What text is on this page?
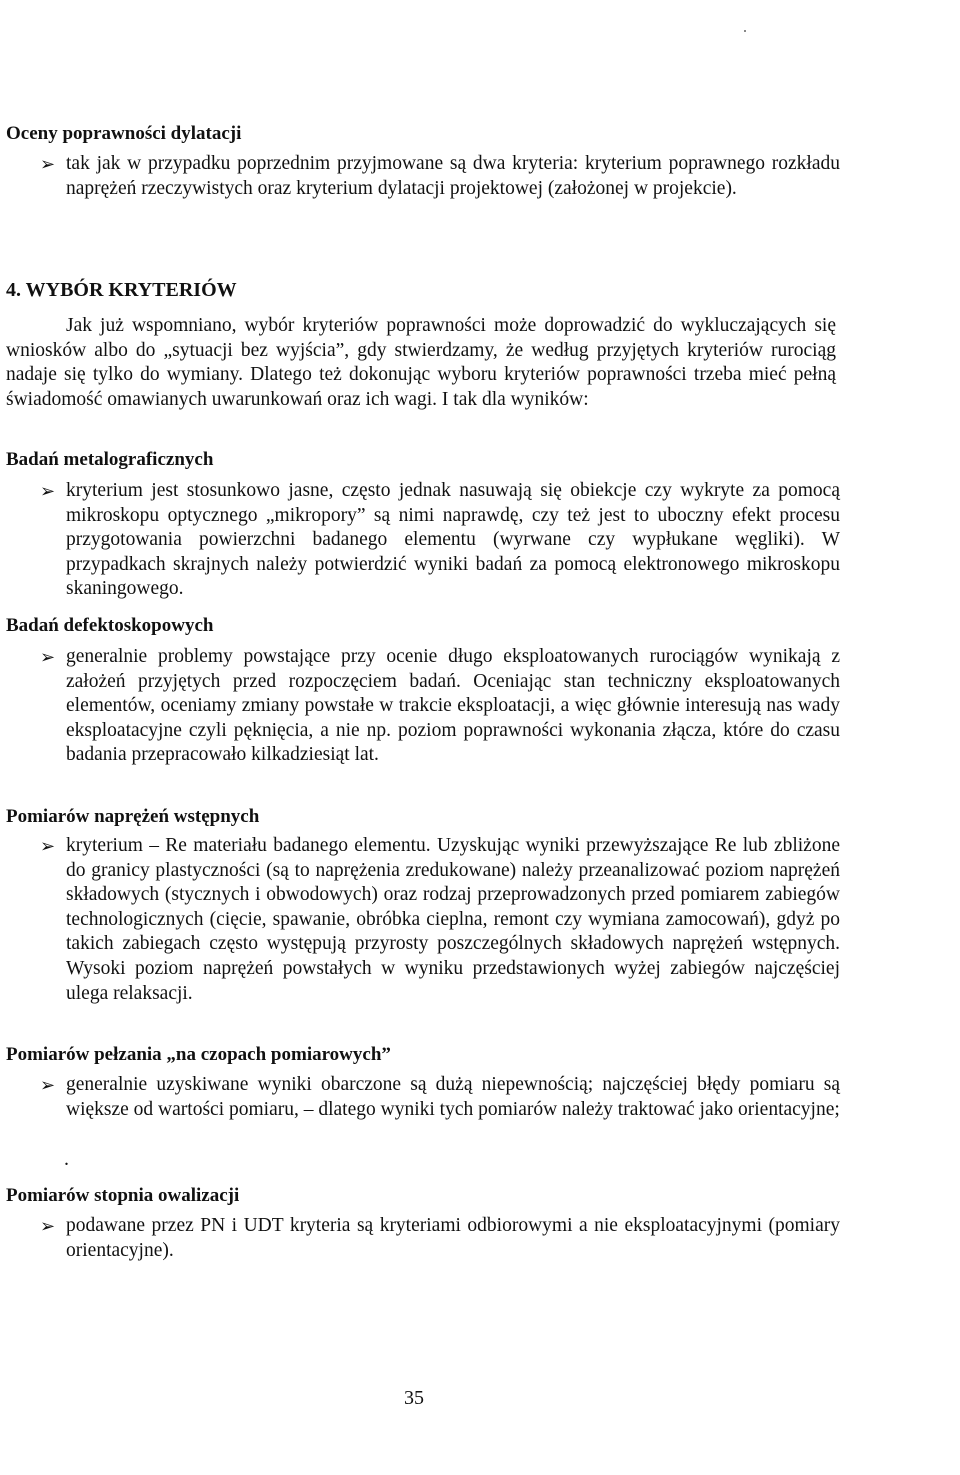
Oceny poprawności dylatacji
➢ tak jak w przypadku poprzednim przyjmowane są dwa kryteria: kryterium poprawnego rozkładu naprężeń rzeczywistych oraz kryterium dylatacji projektowej (założonej w projekcie).
4. WYBÓR KRYTERIÓW
Jak już wspomniano, wybór kryteriów poprawności może doprowadzić do wykluczających się wniosków albo do „sytuacji bez wyjścia”, gdy stwierdzamy, że według przyjętych kryteriów rurociąg nadaje się tylko do wymiany. Dlatego też dokonując wyboru kryteriów poprawności trzeba mieć pełną świadomość omawianych uwarunkowań oraz ich wagi. I tak dla wyników:
Badań metalograficznych
➢ kryterium jest stosunkowo jasne, często jednak nasuwają się obiekcje czy wykryte za pomocą mikroskopu optycznego „mikropory” są nimi naprawdę, czy też jest to uboczny efekt procesu przygotowania powierzchni badanego elementu (wyrwane czy wypłukane węgliki). W przypadkach skrajnych należy potwierdzić wyniki badań za pomocą elektronowego mikroskopu skaningowego.
Badań defektoskopowych
➢ generalnie problemy powstające przy ocenie długo eksploatowanych rurociągów wynikają z założeń przyjętych przed rozpoczęciem badań. Oceniając stan techniczny eksploatowanych elementów, oceniamy zmiany powstałe w trakcie eksploatacji, a więc głównie interesują nas wady eksploatacyjne czyli pęknięcia, a nie np. poziom poprawności wykonania złącza, które do czasu badania przepracowało kilkadziesiąt lat.
Pomiarów naprężeń wstępnych
➢ kryterium – Re materiału badanego elementu. Uzyskując wyniki przewyższające Re lub zbliżone do granicy plastyczności (są to naprężenia zredukowane) należy przeanalizować poziom naprężeń składowych (stycznych i obwodowych) oraz rodzaj przeprowadzonych przed pomiarem zabiegów technologicznych (cięcie, spawanie, obróbka cieplna, remont czy wymiana zamocowań), gdyż po takich zabiegach często występują przyrosty poszczególnych składowych naprężeń wstępnych. Wysoki poziom naprężeń powstałych w wyniku przedstawionych wyżej zabiegów najczęściej ulega relaksacji.
Pomiarów pełzania „na czopach pomiarowych”
➢ generalnie uzyskiwane wyniki obarczone są dużą niepewnością; najczęściej błędy pomiaru są większe od wartości pomiaru, – dlatego wyniki tych pomiarów należy traktować jako orientacyjne;
.
Pomiarów stopnia owalizacji
➢ podawane przez PN i UDT kryteria są kryteriami odbiorowymi a nie eksploatacyjnymi (pomiary orientacyjne).
35
